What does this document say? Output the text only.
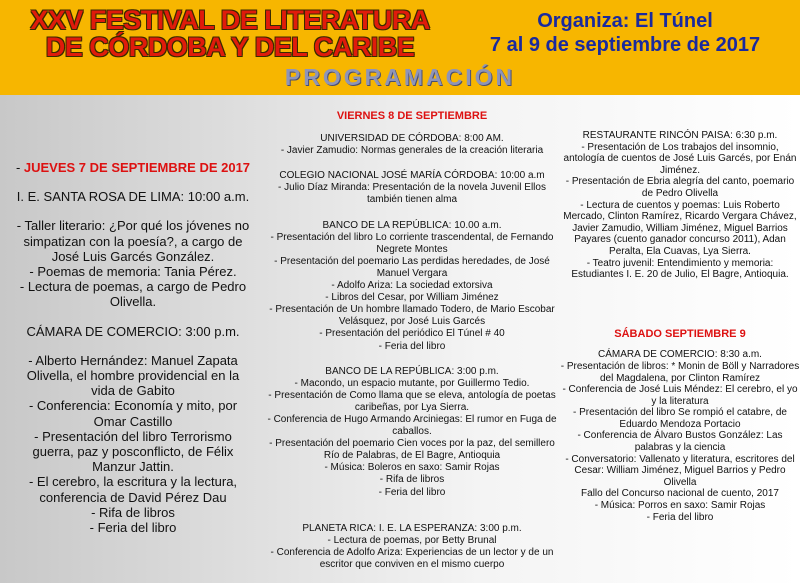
XXV FESTIVAL DE LITERATURA
DE CÓRDOBA Y DEL CARIBE
Organiza: El Túnel
7 al 9 de septiembre de 2017
PROGRAMACIÓN
- JUEVES 7 DE SEPTIEMBRE DE 2017
I. E. SANTA ROSA DE LIMA: 10:00 a.m.
- Taller literario: ¿Por qué los jóvenes no simpatizan con la poesía?, a cargo de José Luis Garcés González.
- Poemas de memoria: Tania Pérez.
- Lectura de poemas, a cargo de Pedro Olivella.
CÁMARA DE COMERCIO: 3:00 p.m.
- Alberto Hernández: Manuel Zapata Olivella, el hombre providencial en la vida de Gabito
- Conferencia: Economía y mito, por Omar Castillo
- Presentación del libro Terrorismo guerra, paz y posconflicto, de Félix Manzur Jattin.
- El cerebro, la escritura y la lectura, conferencia de David Pérez Dau
- Rifa de libros
- Feria del libro
VIERNES 8 DE SEPTIEMBRE
UNIVERSIDAD DE CÓRDOBA: 8:00 AM.
- Javier Zamudio: Normas generales de la creación literaria
COLEGIO NACIONAL JOSÉ MARÍA CÓRDOBA: 10:00 a.m
- Julio Díaz Miranda: Presentación de la novela Juvenil Ellos también tienen alma
BANCO DE LA REPÚBLICA: 10.00 a.m.
- Presentación del libro Lo corriente trascendental, de Fernando Negrete Montes
- Presentación del poemario Las perdidas heredades, de José Manuel Vergara
- Adolfo Ariza: La sociedad extorsiva
- Libros del Cesar, por William Jiménez
- Presentación de Un hombre llamado Todero, de Mario Escobar Velásquez, por José Luis Garcés
- Presentación del periódico El Túnel # 40
- Feria del libro
BANCO DE LA REPÚBLICA: 3:00 p.m.
- Macondo, un espacio mutante, por Guillermo Tedio.
- Presentación de Como llama que se eleva, antología de poetas caribeñas, por Lya Sierra.
- Conferencia de Hugo Armando Arciniegas: El rumor en Fuga de caballos.
- Presentación del poemario Cien voces por la paz, del semillero Río de Palabras, de El Bagre, Antioquia
- Música: Boleros en saxo: Samir Rojas
- Rifa de libros
- Feria del libro
PLANETA RICA: I. E. LA ESPERANZA: 3:00 p.m.
- Lectura de poemas, por Betty Brunal
- Conferencia de Adolfo Ariza: Experiencias de un lector y de un escritor que conviven en el mismo cuerpo
RESTAURANTE RINCÓN PAISA: 6:30 p.m.
- Presentación de Los trabajos del insomnio, antología de cuentos de José Luis Garcés, por Enán Jiménez.
- Presentación de Ebria alegría del canto, poemario de Pedro Olivella
- Lectura de cuentos y poemas: Luis Roberto Mercado, Clinton Ramírez, Ricardo Vergara Chávez, Javier Zamudio, William Jiménez, Miguel Barrios Payares (cuento ganador concurso 2011), Adan Peralta, Ela Cuavas, Lya Sierra.
- Teatro juvenil: Entendimiento y memoria: Estudiantes I. E. 20 de Julio, El Bagre, Antioquia.
SÁBADO SEPTIEMBRE 9
CÁMARA DE COMERCIO: 8:30 a.m.
- Presentación de libros: * Monin de Böll y Narradores del Magdalena, por Clinton Ramírez
- Conferencia de José Luis Méndez: El cerebro, el yo y la literatura
- Presentación del libro Se rompió el catabre, de Eduardo Mendoza Portacio
- Conferencia de Álvaro Bustos González: Las palabras y la ciencia
- Conversatorio: Vallenato y literatura, escritores del Cesar: William Jiménez, Miguel Barrios y Pedro Olivella
Fallo del Concurso nacional de cuento, 2017
- Música: Porros en saxo: Samir Rojas
- Feria del libro
